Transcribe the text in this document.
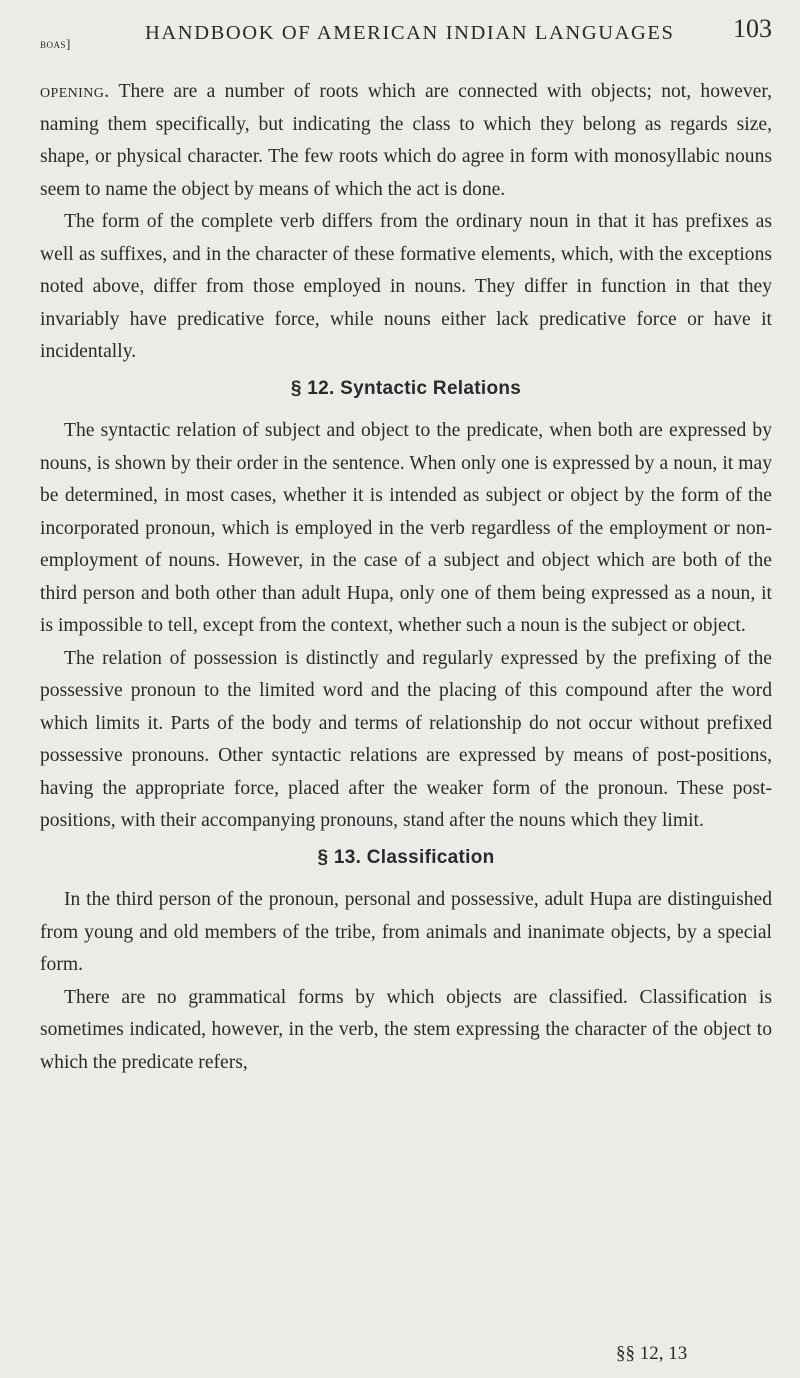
boas]	HANDBOOK OF AMERICAN INDIAN LANGUAGES 103

opening. There are a number of roots which are connected with objects; not, however, naming them specifically, but indicating the class to which they belong as regards size, shape, or physical character. The few roots which do agree in form with monosyllabic nouns seem to name the object by means of which the act is done.

The form of the complete verb differs from the ordinary noun in that it has prefixes as well as suffixes, and in the character of these formative elements, which, with the exceptions noted above, differ from those employed in nouns. They differ in function in that they invariably have predicative force, while nouns either lack predicative force or have it incidentally.

§ 12. Syntactic Relations

The syntactic relation of subject and object to the predicate, when both are expressed by nouns, is shown by their order in the sentence. When only one is expressed by a noun, it may be determined, in most cases, whether it is intended as subject or object by the form of the incorporated pronoun, which is employed in the verb regardless of the employment or non-employment of nouns. However, in the case of a subject and object which are both of the third person and both other than adult Hupa, only one of them being expressed as a noun, it is impossible to tell, except from the context, whether such a noun is the subject or object.

The relation of possession is distinctly and regularly expressed by the prefixing of the possessive pronoun to the limited word and the placing of this compound after the word which limits it. Parts of the body and terms of relationship do not occur without prefixed possessive pronouns. Other syntactic relations are expressed by means of post-positions, having the appropriate force, placed after the weaker form of the pronoun. These post-positions, with their accompanying pronouns, stand after the nouns which they limit.

§ 13. Classification

In the third person of the pronoun, personal and possessive, adult Hupa are distinguished from young and old members of the tribe, from animals and inanimate objects, by a special form.

There are no grammatical forms by which objects are classified. Classification is sometimes indicated, however, in the verb, the stem expressing the character of the object to which the predicate refers,

§§ 12, 13
